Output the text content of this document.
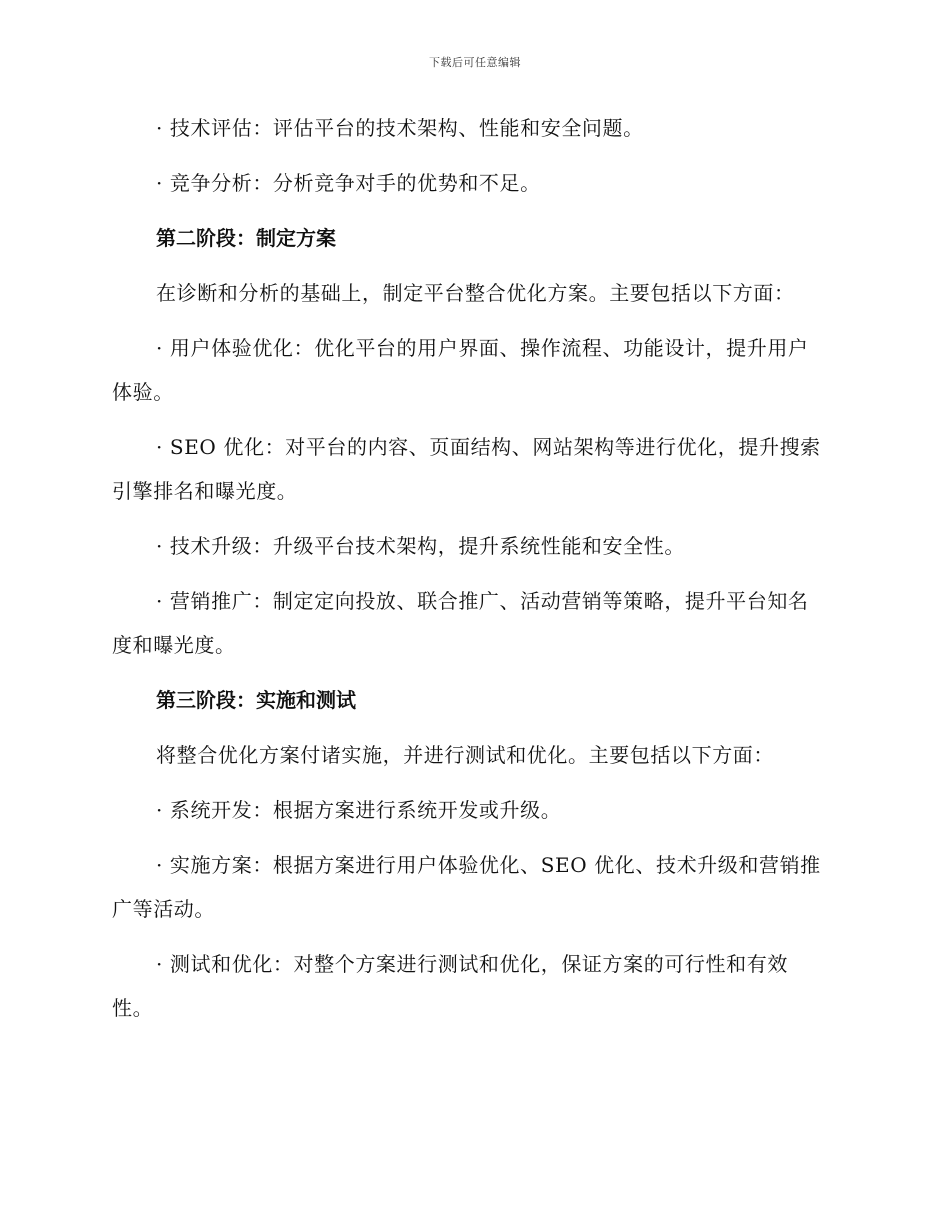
下载后可任意编辑

· 技术评估：评估平台的技术架构、性能和安全问题。

· 竞争分析：分析竞争对手的优势和不足。

第二阶段：制定方案

在诊断和分析的基础上，制定平台整合优化方案。主要包括以下方面：

· 用户体验优化：优化平台的用户界面、操作流程、功能设计，提升用户体验。

· SEO 优化：对平台的内容、页面结构、网站架构等进行优化，提升搜索引擎排名和曝光度。

· 技术升级：升级平台技术架构，提升系统性能和安全性。

· 营销推广：制定定向投放、联合推广、活动营销等策略，提升平台知名度和曝光度。

第三阶段：实施和测试

将整合优化方案付诸实施，并进行测试和优化。主要包括以下方面：

· 系统开发：根据方案进行系统开发或升级。

· 实施方案：根据方案进行用户体验优化、SEO 优化、技术升级和营销推广等活动。

· 测试和优化：对整个方案进行测试和优化，保证方案的可行性和有效性。
